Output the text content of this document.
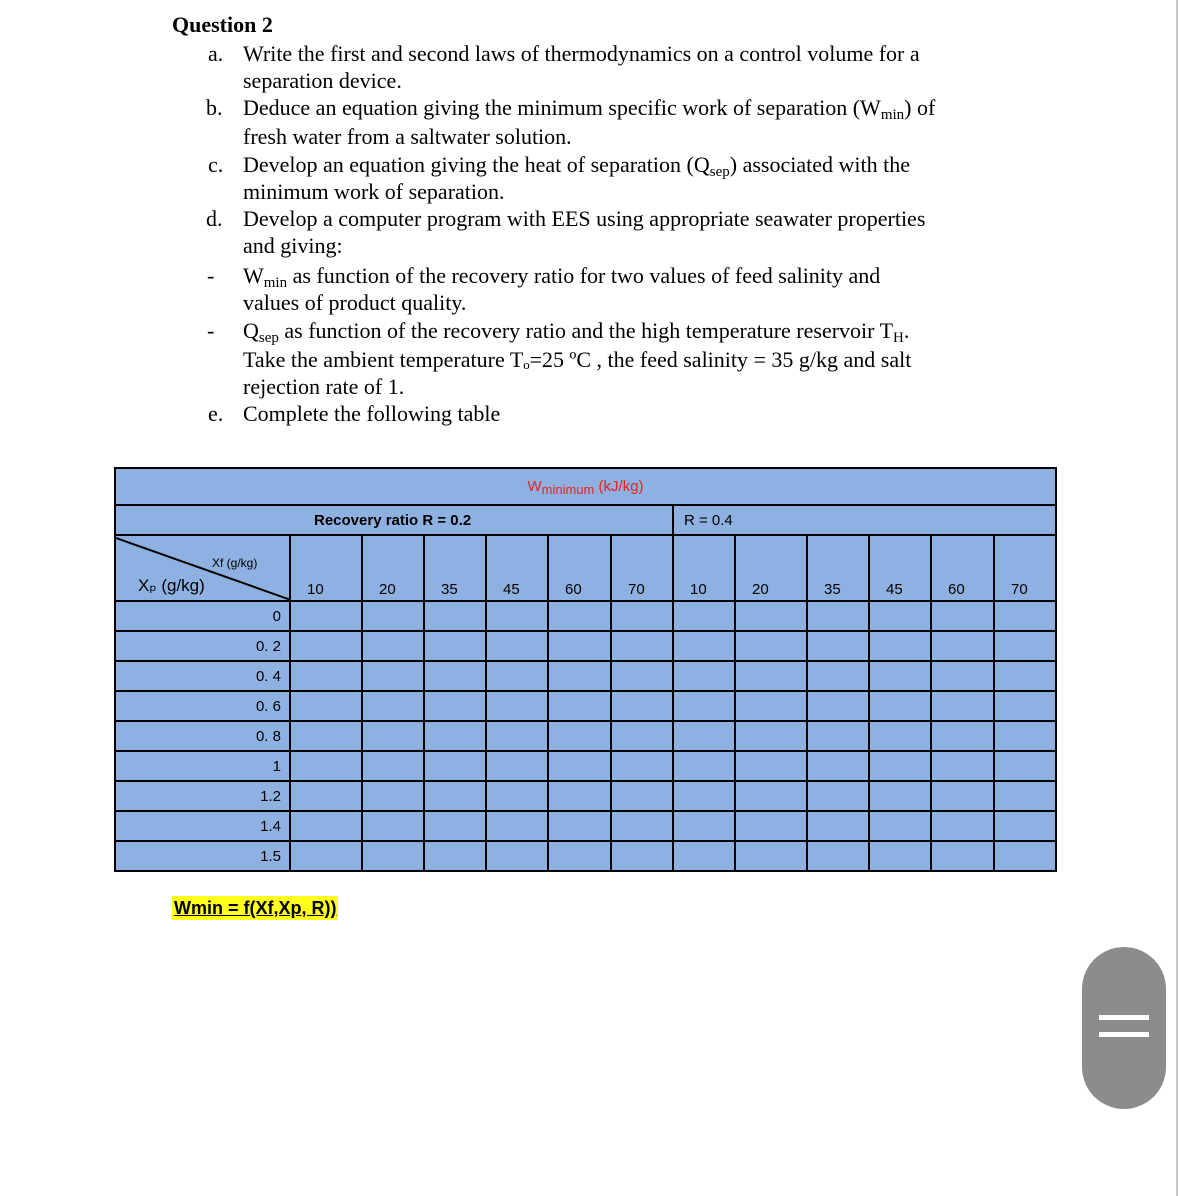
Question 2
a. Write the first and second laws of thermodynamics on a control volume for a
separation device.
b. Deduce an equation giving the minimum specific work of separation $(W_{min})$ of
fresh water from a saltwater solution.
c. Develop an equation giving the heat of separation $(Q_{sep})$ associated with the
minimum work of separation.
d. Develop a computer program with EES using appropriate seawater properties
and giving:
- $W_{min}$ as function of the recovery ratio for two values of feed salinity and
values of product quality.
- $Q_{sep}$ as function of the recovery ratio and the high temperature reservoir $T_H$.
Take the ambient temperature Tₒ=25 ºC , the feed salinity = 35 g/kg and salt
rejection rate of 1.
e. Complete the following table
$W_{minimum}$ (kJ/kg)												
Recovery ratio R = 0.2							R = 0.4					

Xf (g/kg)
Xₚ (g/kg)	10	20	35	45	60	70	10	20	35	45	60	70
0												
0. 2												
0. 4												
0. 6												
0. 8												
1												
1.2												
1.4												
1.5												
Wmin = f(Xf,Xp, R))
